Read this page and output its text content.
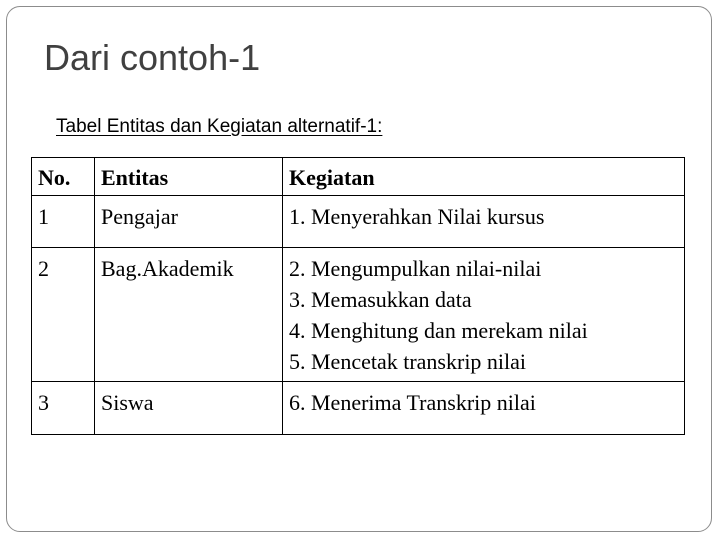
Dari contoh-1
Tabel Entitas dan Kegiatan alternatif-1:
No.	Entitas	Kegiatan

1	Pengajar	1. Menyerahkan Nilai kursus

2	Bag.Akademik	2. Mengumpulkan nilai-nilai
3. Memasukkan data
4. Menghitung dan merekam nilai
5. Mencetak transkrip nilai

3	Siswa	6. Menerima Transkrip nilai
